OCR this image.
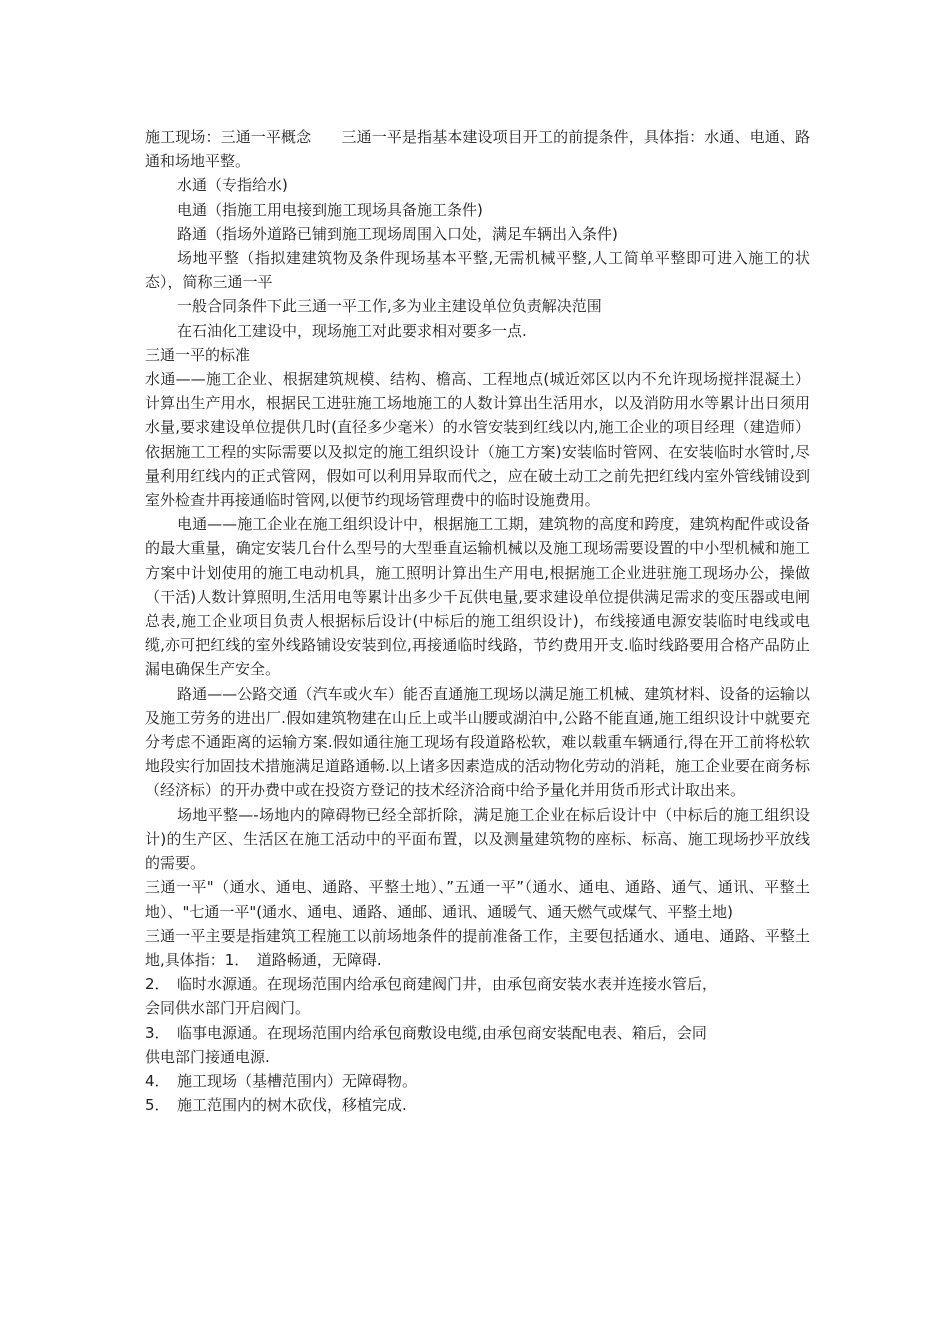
施工现场：三通一平概念　　三通一平是指基本建设项目开工的前提条件，具体指：水通、电通、路通和场地平整。

水通（专指给水)

电通（指施工用电接到施工现场具备施工条件)

路通（指场外道路已铺到施工现场周围入口处，满足车辆出入条件)

场地平整（指拟建建筑物及条件现场基本平整,无需机械平整,人工简单平整即可进入施工的状态），简称三通一平

一般合同条件下此三通一平工作,多为业主建设单位负责解决范围

在石油化工建设中，现场施工对此要求相对要多一点.

三通一平的标准

水通——施工企业、根据建筑规模、结构、檐高、工程地点(城近郊区以内不允许现场搅拌混凝土）计算出生产用水，根据民工进驻施工场地施工的人数计算出生活用水，以及消防用水等累计出日须用水量,要求建设单位提供几时(直径多少毫米）的水管安装到红线以内,施工企业的项目经理（建造师）依据施工工程的实际需要以及拟定的施工组织设计（施工方案)安装临时管网、在安装临时水管时,尽量利用红线内的正式管网，假如可以利用异取而代之，应在破土动工之前先把红线内室外管线铺设到室外检查井再接通临时管网,以便节约现场管理费中的临时设施费用。

电通——施工企业在施工组织设计中，根据施工工期，建筑物的高度和跨度，建筑构配件或设备的最大重量，确定安装几台什么型号的大型垂直运输机械以及施工现场需要设置的中小型机械和施工方案中计划使用的施工电动机具，施工照明计算出生产用电,根据施工企业进驻施工现场办公，操做（干活)人数计算照明,生活用电等累计出多少千瓦供电量,要求建设单位提供满足需求的变压器或电闸总表,施工企业项目负责人根据标后设计(中标后的施工组织设计)，布线接通电源安装临时电线或电缆,亦可把红线的室外线路铺设安装到位,再接通临时线路，节约费用开支.临时线路要用合格产品防止漏电确保生产安全。

路通——公路交通（汽车或火车）能否直通施工现场以满足施工机械、建筑材料、设备的运输以及施工劳务的进出厂.假如建筑物建在山丘上或半山腰或湖泊中,公路不能直通,施工组织设计中就要充分考虑不通距离的运输方案.假如通往施工现场有段道路松软，难以载重车辆通行,得在开工前将松软地段实行加固技术措施满足道路通畅.以上诸多因素造成的活动物化劳动的消耗，施工企业要在商务标（经济标）的开办费中或在投资方登记的技术经济洽商中给予量化并用货币形式计取出来。

场地平整—-场地内的障碍物已经全部折除，满足施工企业在标后设计中（中标后的施工组织设计)的生产区、生活区在施工活动中的平面布置，以及测量建筑物的座标、标高、施工现场抄平放线的需要。

三通一平"（通水、通电、通路、平整土地）、”五通一平”（通水、通电、通路、通气、通讯、平整土地）、"七通一平"(通水、通电、通路、通邮、通讯、通暖气、通天燃气或煤气、平整土地)

三通一平主要是指建筑工程施工以前场地条件的提前准备工作，主要包括通水、通电、通路、平整土地,具体指：1．　道路畅通，无障碍.

2．　临时水源通。在现场范围内给承包商建阀门井，由承包商安装水表并连接水管后，

会同供水部门开启阀门。

3．　临事电源通。在现场范围内给承包商敷设电缆,由承包商安装配电表、箱后，会同

供电部门接通电源.

4．　施工现场（基槽范围内）无障碍物。

5．　施工范围内的树木砍伐，移植完成.
